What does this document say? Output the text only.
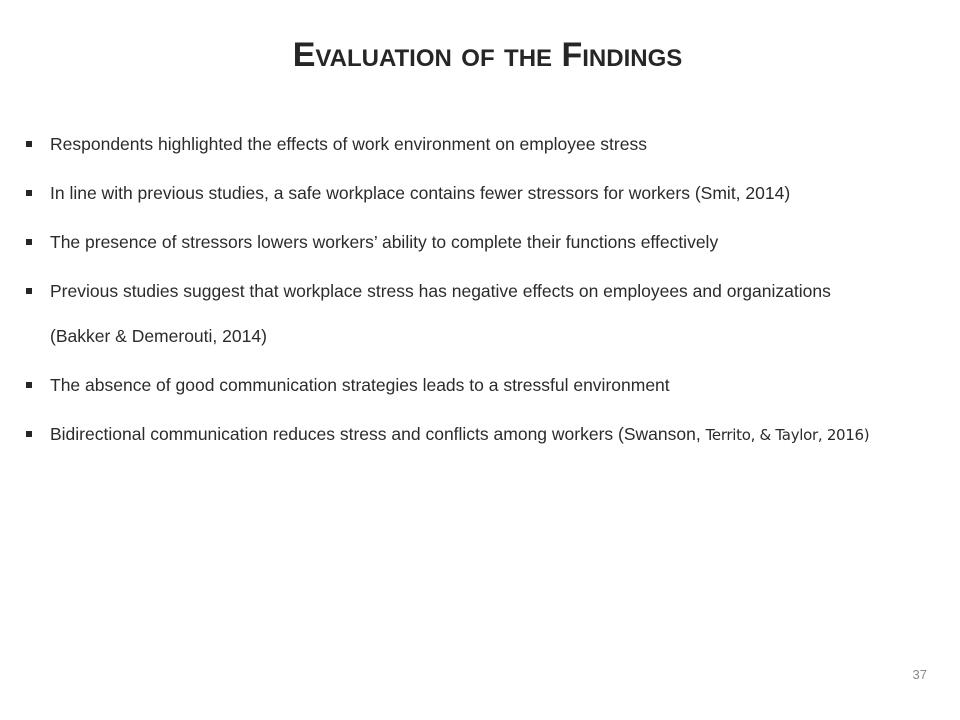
Evaluation of the Findings
Respondents highlighted the effects of work environment on employee stress
In line with previous studies, a safe workplace contains fewer stressors for workers (Smit, 2014)
The presence of stressors lowers workers’ ability to complete their functions effectively
Previous studies suggest that workplace stress has negative effects on employees and organizations
(Bakker & Demerouti, 2014)
The absence of good communication strategies leads to a stressful environment
Bidirectional communication reduces stress and conflicts among workers (Swanson, Territo, & Taylor, 2016)
37
